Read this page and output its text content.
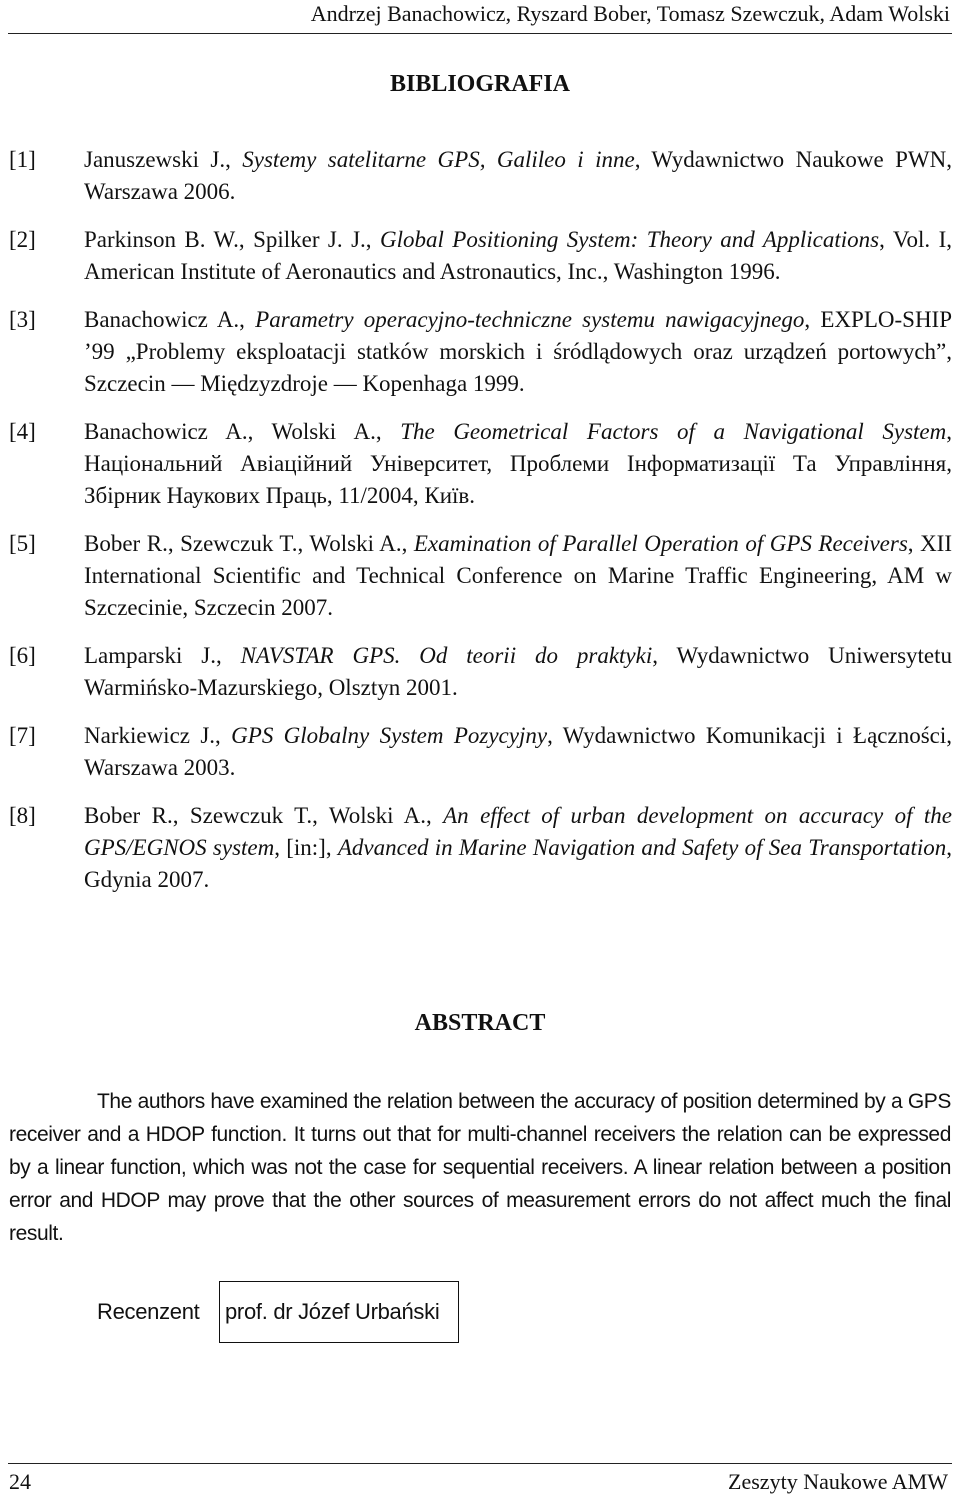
Andrzej Banachowicz, Ryszard Bober, Tomasz Szewczuk, Adam Wolski
BIBLIOGRAFIA
[1] Januszewski J., Systemy satelitarne GPS, Galileo i inne, Wydawnictwo Naukowe PWN, Warszawa 2006.
[2] Parkinson B. W., Spilker J. J., Global Positioning System: Theory and Applications, Vol. I, American Institute of Aeronautics and Astronautics, Inc., Washington 1996.
[3] Banachowicz A., Parametry operacyjno-techniczne systemu nawigacyjnego, EXPLO-SHIP ’99 „Problemy eksploatacji statków morskich i śródlądowych oraz urządzeń portowych”, Szczecin — Międzyzdroje — Kopenhaga 1999.
[4] Banachowicz A., Wolski A., The Geometrical Factors of a Navigational System, Націонaльний Авіаційний Університет, Проблеми Інформатизації Та Управління, Збірник Наукових Праць, 11/2004, Київ.
[5] Bober R., Szewczuk T., Wolski A., Examination of Parallel Operation of GPS Receivers, XII International Scientific and Technical Conference on Marine Traffic Engineering, AM w Szczecinie, Szczecin 2007.
[6] Lamparski J., NAVSTAR GPS. Od teorii do praktyki, Wydawnictwo Uniwersytetu Warmińsko-Mazurskiego, Olsztyn 2001.
[7] Narkiewicz J., GPS Globalny System Pozycyjny, Wydawnictwo Komunikacji i Łączności, Warszawa 2003.
[8] Bober R., Szewczuk T., Wolski A., An effect of urban development on accuracy of the GPS/EGNOS system, [in:], Advanced in Marine Navigation and Safety of Sea Transportation, Gdynia 2007.
ABSTRACT
The authors have examined the relation between the accuracy of position determined by a GPS receiver and a HDOP function. It turns out that for multi-channel receivers the relation can be expressed by a linear function, which was not the case for sequential receivers. A linear relation between a position error and HDOP may prove that the other sources of measurement errors do not affect much the final result.
Recenzent prof. dr Józef Urbański
24	Zeszyty Naukowe AMW
